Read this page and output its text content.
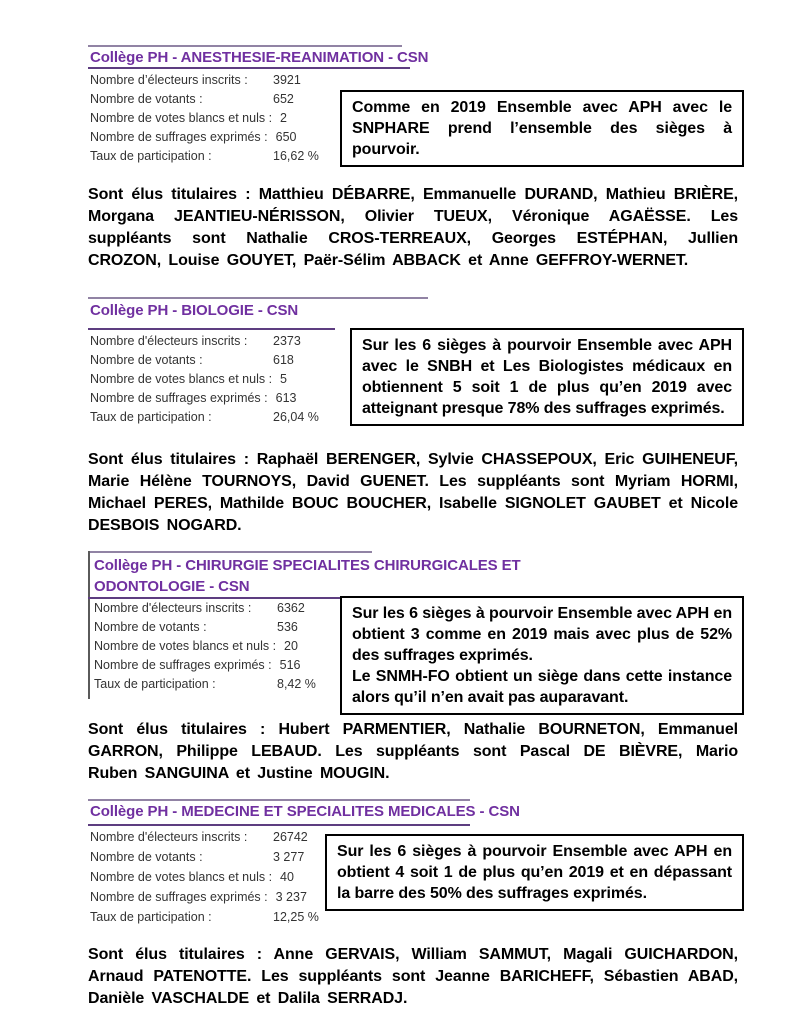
Collège PH - ANESTHESIE-REANIMATION - CSN
Nombre d’électeurs inscrits :	3921
Nombre de votants :	652
Nombre de votes blancs et nuls : 2
Nombre de suffrages exprimés : 650
Taux de participation :	16,62 %
Comme en 2019 Ensemble avec APH avec le SNPHARE prend l’ensemble des sièges à pourvoir.
Sont élus titulaires : Matthieu DÉBARRE, Emmanuelle DURAND, Mathieu BRIÈRE, Morgana JEANTIEU-NÉRISSON, Olivier TUEUX, Véronique AGAËSSE. Les suppléants sont Nathalie CROS-TERREAUX, Georges ESTÉPHAN, Jullien CROZON, Louise GOUYET, Paër-Sélim ABBACK et Anne GEFFROY-WERNET.
Collège PH - BIOLOGIE - CSN
Nombre d'électeurs inscrits :	2373
Nombre de votants :	618
Nombre de votes blancs et nuls : 5
Nombre de suffrages exprimés : 613
Taux de participation :	26,04 %
Sur les 6 sièges à pourvoir Ensemble avec APH avec le SNBH et Les Biologistes médicaux en obtiennent 5 soit 1 de plus qu’en 2019 avec atteignant presque 78% des suffrages exprimés.
Sont élus titulaires : Raphaël BERENGER, Sylvie CHASSEPOUX, Eric GUIHENEUF, Marie Hélène TOURNOYS, David GUENET. Les suppléants sont Myriam HORMI, Michael PERES, Mathilde BOUC BOUCHER, Isabelle SIGNOLET GAUBET et Nicole DESBOIS NOGARD.
Collège PH - CHIRURGIE SPECIALITES CHIRURGICALES ET ODONTOLOGIE - CSN
Nombre d'électeurs inscrits :	6362
Nombre de votants :	536
Nombre de votes blancs et nuls : 20
Nombre de suffrages exprimés : 516
Taux de participation :	8,42 %
Sur les 6 sièges à pourvoir Ensemble avec APH en obtient 3 comme en 2019 mais avec plus de 52% des suffrages exprimés.
Le SNMH-FO obtient un siège dans cette instance alors qu’il n’en avait pas auparavant.
Sont élus titulaires : Hubert PARMENTIER, Nathalie BOURNETON, Emmanuel GARRON, Philippe LEBAUD. Les suppléants sont Pascal DE BIÈVRE, Mario Ruben SANGUINA et Justine MOUGIN.
Collège PH - MEDECINE ET SPECIALITES MEDICALES - CSN
Nombre d'électeurs inscrits :	26742
Nombre de votants :	3 277
Nombre de votes blancs et nuls : 40
Nombre de suffrages exprimés : 3 237
Taux de participation :	12,25 %
Sur les 6 sièges à pourvoir Ensemble avec APH en obtient 4 soit 1 de plus qu’en 2019 et en dépassant la barre des 50% des suffrages exprimés.
Sont élus titulaires : Anne GERVAIS, William SAMMUT, Magali GUICHARDON, Arnaud PATENOTTE. Les suppléants sont Jeanne BARICHEFF, Sébastien ABAD, Danièle VASCHALDE et Dalila SERRADJ.
